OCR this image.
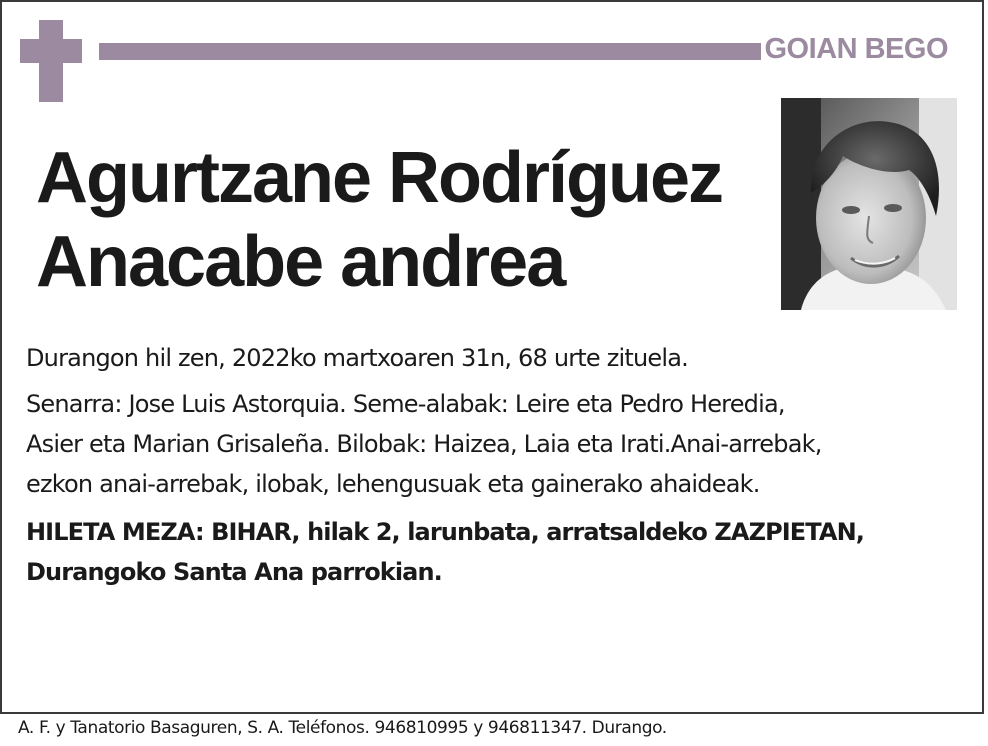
GOIAN BEGO
Agurtzane Rodríguez
Anacabe andrea

Durangon hil zen, 2022ko martxoaren 31n, 68 urte zituela.

Senarra: Jose Luis Astorquia. Seme-alabak: Leire eta Pedro Heredia,

Asier eta Marian Grisaleña. Bilobak: Haizea, Laia eta Irati.Anai-arrebak,

ezkon anai-arrebak, ilobak, lehengusuak eta gainerako ahaideak.

HILETA MEZA: BIHAR, hilak 2, larunbata, arratsaldeko ZAZPIETAN,

Durangoko Santa Ana parrokian.

A. F. y Tanatorio Basaguren, S. A. Teléfonos. 946810995 y 946811347. Durango.
